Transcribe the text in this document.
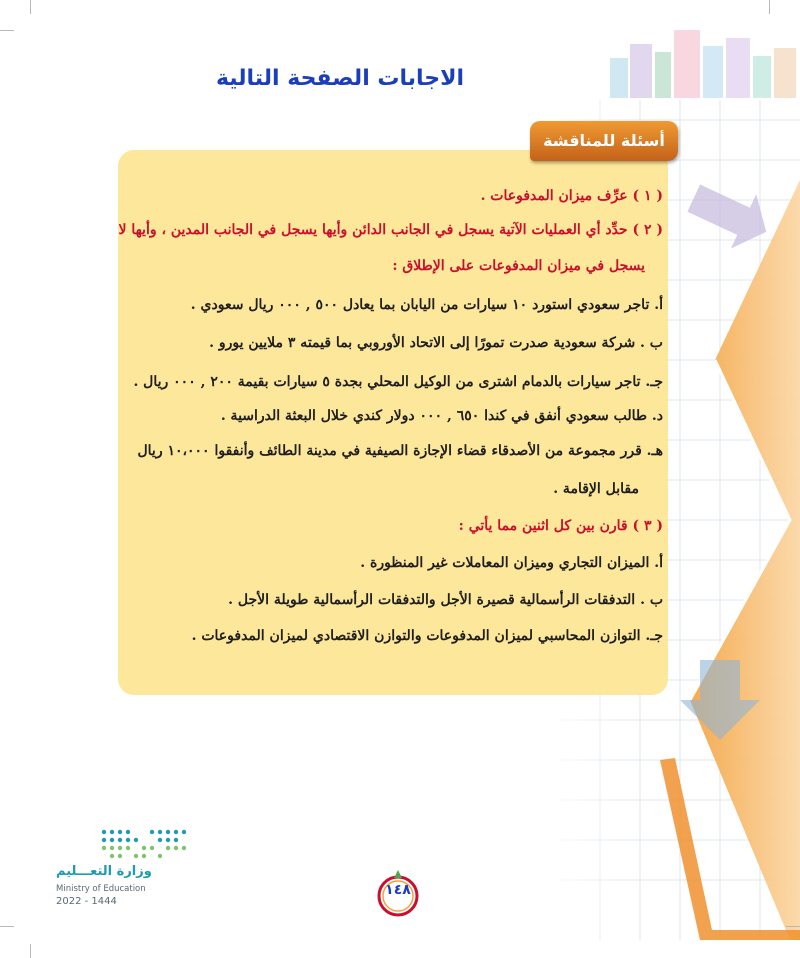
الاجابات الصفحة التالية
أسئلة للمناقشة
( ١ ) عرِّف ميزان المدفوعات .
( ٢ ) حدِّد أي العمليات الآتية يسجل في الجانب الدائن وأيها يسجل في الجانب المدين ، وأيها لا
يسجل في ميزان المدفوعات على الإطلاق :
أ. تاجر سعودي استورد ١٠ سيارات من اليابان بما يعادل ٥٠٠ , ٠٠٠ ريال سعودي .
ب . شركة سعودية صدرت تمورًا إلى الاتحاد الأوروبي بما قيمته ٣ ملايين يورو .
جـ. تاجر سيارات بالدمام اشترى من الوكيل المحلي بجدة ٥ سيارات بقيمة ٢٠٠ , ٠٠٠ ريال .
د. طالب سعودي أنفق في كندا ٦٥٠ , ٠٠٠ دولار كندي خلال البعثة الدراسية .
هـ. قرر مجموعة من الأصدقاء قضاء الإجازة الصيفية في مدينة الطائف وأنفقوا ١٠،٠٠٠ ريال
مقابل الإقامة .
( ٣ ) قارن بين كل اثنين مما يأتي :
أ. الميزان التجاري وميزان المعاملات غير المنظورة .
ب . التدفقات الرأسمالية قصيرة الأجل والتدفقات الرأسمالية طويلة الأجل .
جـ. التوازن المحاسبي لميزان المدفوعات والتوازن الاقتصادي لميزان المدفوعات .
وزارة التعـــليم
Ministry of Education
2022 - 1444
١٤٨
